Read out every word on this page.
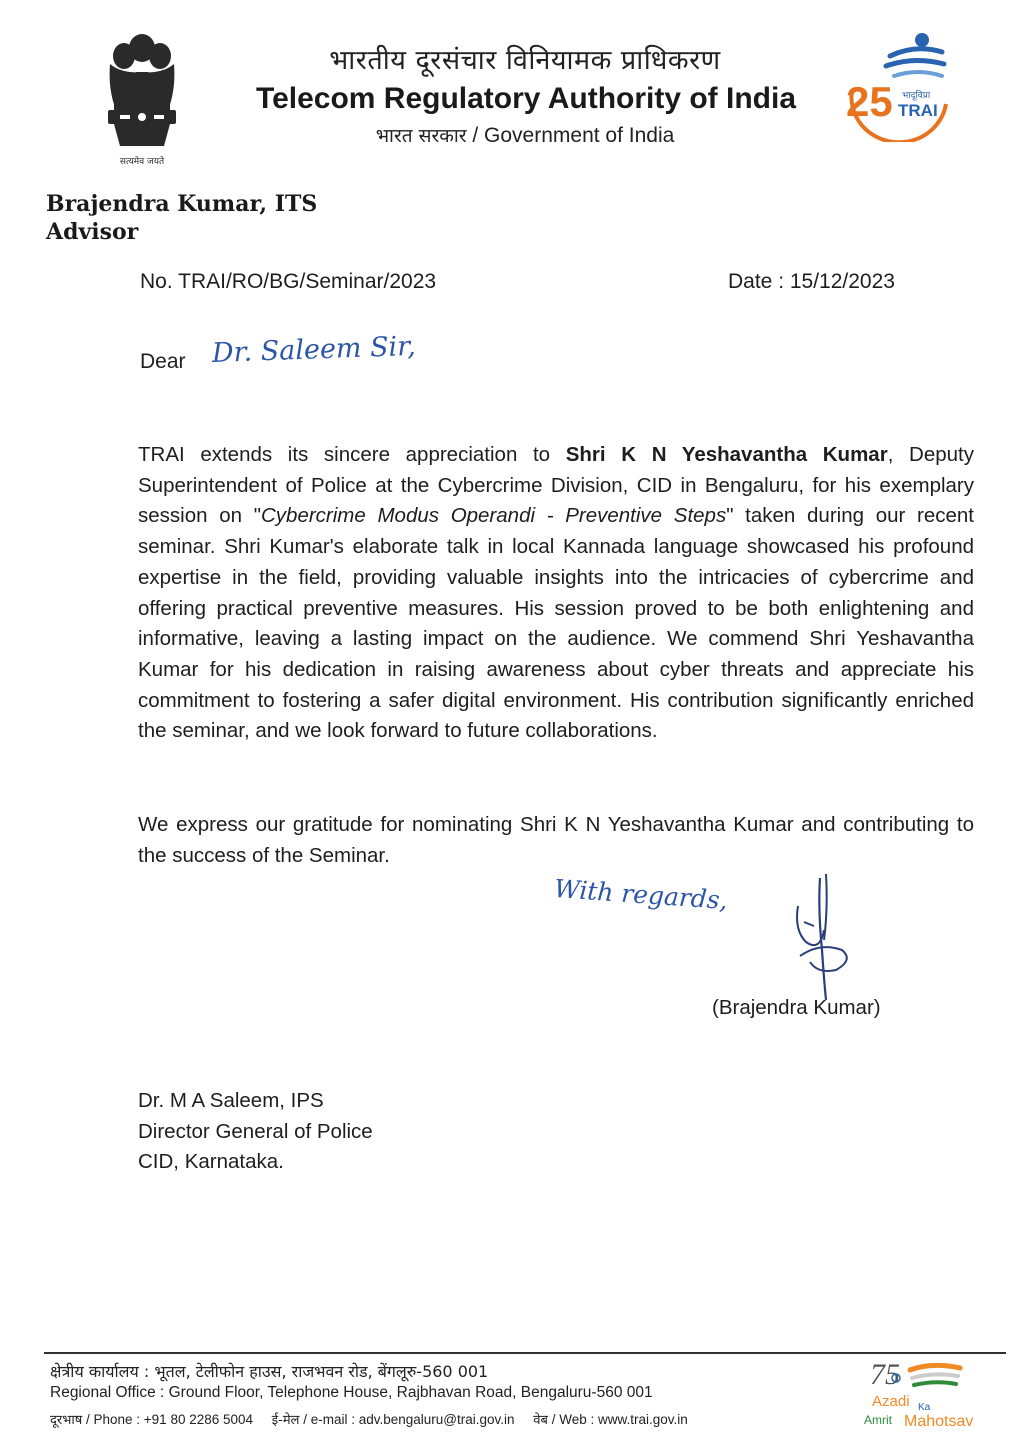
सत्यमेव जयते
भारतीय दूरसंचार विनियामक प्राधिकरण
Telecom Regulatory Authority of India
भारत सरकार / Government of India
25 भादूविप्रा
TRAI
Brajendra Kumar, ITS
Advisor
No. TRAI/RO/BG/Seminar/2023	Date : 15/12/2023
Dear Dr. Saleem Sir,
TRAI extends its sincere appreciation to Shri K N Yeshavantha Kumar, Deputy Superintendent of Police at the Cybercrime Division, CID in Bengaluru, for his exemplary session on "Cybercrime Modus Operandi - Preventive Steps" taken during our recent seminar. Shri Kumar's elaborate talk in local Kannada language showcased his profound expertise in the field, providing valuable insights into the intricacies of cybercrime and offering practical preventive measures. His session proved to be both enlightening and informative, leaving a lasting impact on the audience. We commend Shri Yeshavantha Kumar for his dedication in raising awareness about cyber threats and appreciate his commitment to fostering a safer digital environment. His contribution significantly enriched the seminar, and we look forward to future collaborations.
We express our gratitude for nominating Shri K N Yeshavantha Kumar and contributing to the success of the Seminar.
With regards,
(Brajendra Kumar)
Dr. M A Saleem, IPS
Director General of Police
CID, Karnataka.
क्षेत्रीय कार्यालय : भूतल, टेलीफोन हाउस, राजभवन रोड, बेंगलूरु-560 001
Regional Office : Ground Floor, Telephone House, Rajbhavan Road, Bengaluru-560 001
दूरभाष / Phone : +91 80 2286 5004 ई-मेल / e-mail : adv.bengaluru@trai.gov.in वेब / Web : www.trai.gov.in
75
Azadi Ka
Amrit Mahotsav
